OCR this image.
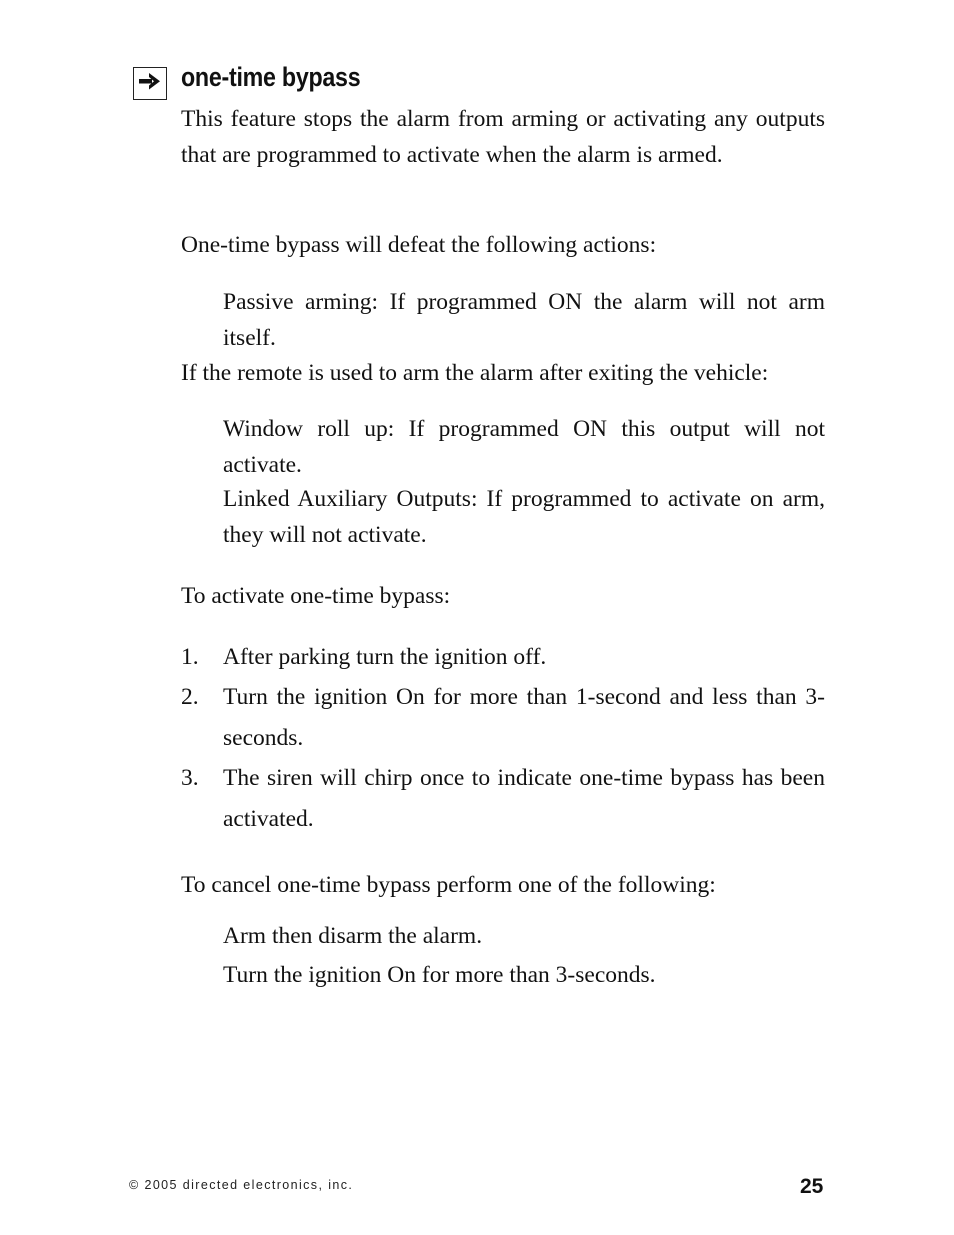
one-time bypass

This feature stops the alarm from arming or activating any outputs that are programmed to activate when the alarm is armed.

One-time bypass will defeat the following actions:

Passive arming: If programmed ON the alarm will not arm itself.

If the remote is used to arm the alarm after exiting the vehicle:

Window roll up: If programmed ON this output will not activate.

Linked Auxiliary Outputs: If programmed to activate on arm, they will not activate.

To activate one-time bypass:

1. After parking turn the ignition off.
2. Turn the ignition On for more than 1-second and less than 3-seconds.
3. The siren will chirp once to indicate one-time bypass has been activated.

To cancel one-time bypass perform one of the following:

Arm then disarm the alarm.

Turn the ignition On for more than 3-seconds.

© 2005 directed electronics, inc.	25
